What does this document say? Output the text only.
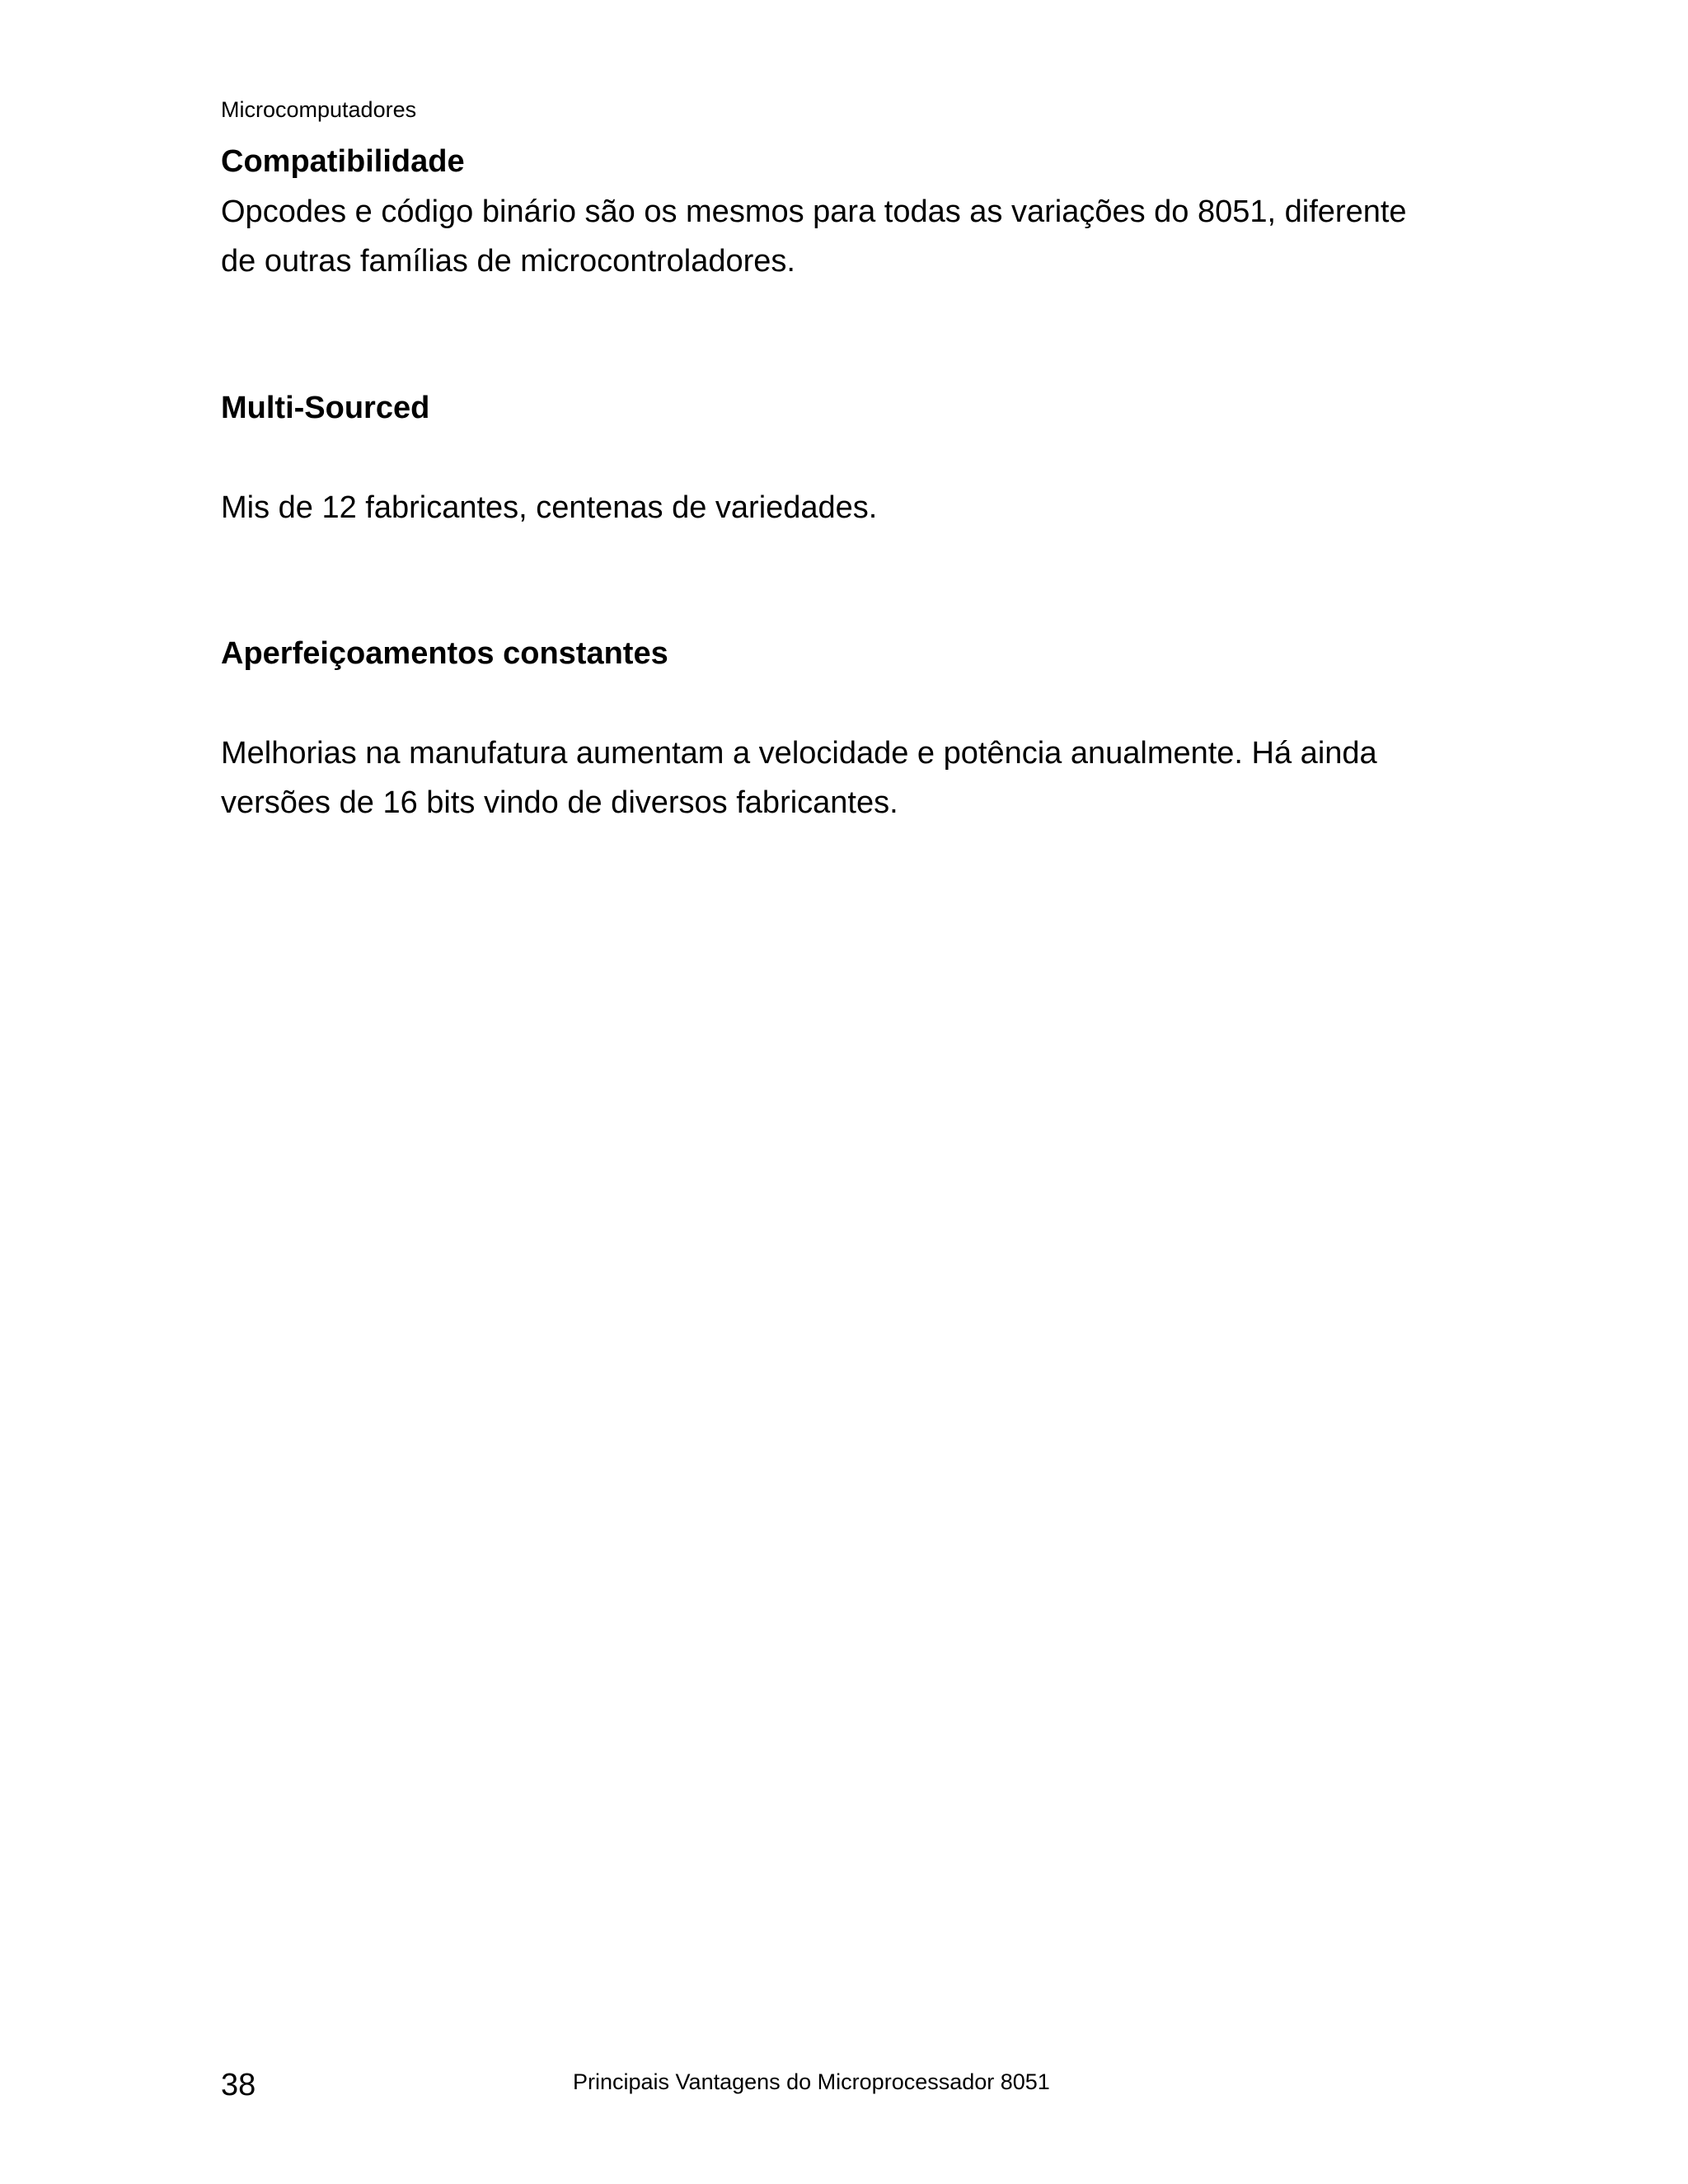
Microcomputadores
Compatibilidade
Opcodes e código binário são os mesmos para todas as variações do 8051, diferente
de outras famílias de microcontroladores.
Multi-Sourced
Mis de 12 fabricantes, centenas de variedades.
Aperfeiçoamentos constantes
Melhorias na manufatura aumentam a velocidade e potência anualmente. Há ainda
versões de 16 bits vindo de diversos fabricantes.
38	Principais Vantagens do Microprocessador 8051
